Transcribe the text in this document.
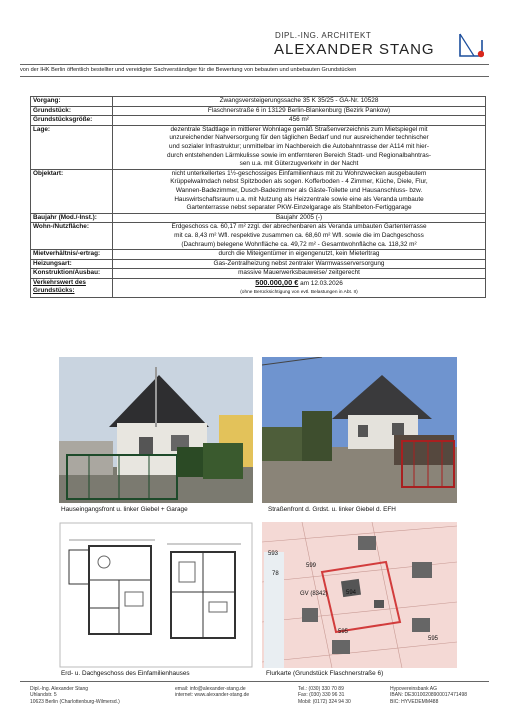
DIPL.-ING. ARCHITEKT
ALEXANDER STANG
von der IHK Berlin öffentlich bestellter und vereidigter Sachverständiger für die Bewertung von bebauten und unbebauten Grundstücken
Vorgang:	Zwangsversteigerungssache 35 K 35/25 - GA-Nr. 10528

Grundstück:	Flaschnerstraße 6 in 13129 Berlin-Blankenburg (Bezirk Pankow)

Grundstücksgröße:	456 m²

Lage:	dezentrale Stadtlage in mittlerer Wohnlage gemäß Straßenverzeichnis zum Mietspiegel mit
unzureichender Nahversorgung für den täglichen Bedarf und nur ausreichender technischer
und sozialer Infrastruktur; unmittelbar im Nachbereich die Autobahntrasse der A114 mit hier-
durch entstehenden Lärmkulisse sowie im entfernteren Bereich Stadt- und Regionalbahntras-
sen u.a. mit Güterzugverkehr in der Nacht

Objektart:	nicht unterkellertes 1½-geschossiges Einfamilienhaus mit zu Wohnzwecken ausgebautem
Krüppelwalmdach nebst Spitzboden als sogen. Kofferboden - 4 Zimmer, Küche, Diele, Flur,
Wannen-Badezimmer, Dusch-Badezimmer als Gäste-Toilette und Hausanschluss- bzw.
Hauswirtschaftsraum u.a. mit Nutzung als Heizzentrale sowie eine als Veranda umbaute
Gartenterrasse nebst separater PKW-Einzelgarage als Stahlbeton-Fertiggarage

Baujahr (Mod./-Inst.):	Baujahr 2005 (-)

Wohn-/Nutzfläche:	Erdgeschoss ca. 60,17 m² zzgl. der abrechenbaren als Veranda umbauten Gartenterrasse
mit ca. 8,43 m² Wfl. respektive zusammen ca. 68,60 m² Wfl. sowie die im Dachgeschoss
(Dachraum) belegene Wohnfläche ca. 49,72 m² - Gesamtwohnfläche ca. 118,32 m²

Mietverhältnis/-ertrag:	durch die Miteigentümer in eigengenutzt, kein Mieterltrag

Heizungsart:	Gas-Zentralheizung nebst zentraler Warmwasserversorgung

Konstruktion/Ausbau:	massive Mauerwerksbauweise/ zeitgerecht

Verkehrswert des Grundstücks:	500.000,00 € am 12.03.2026
(ohne Berücksichtigung von evtl. Belastungen in Abt. II)
Hauseingangsfront u. linker Giebel + Garage	Straßenfront d. Grdst. u. linker Giebel d. EFH
Erd- u. Dachgeschoss des Einfamilienhauses
593
599
78
594
595
595
GV (8342)
Flurkarte (Grundstück Flaschnerstraße 6)
Dipl.-Ing. Alexander Stang
Uhlandstr. 5
10623 Berlin (Charlottenburg-Wilmersd.)
email: info@alexander-stang.de
internet: www.alexander-stang.de
Tel.: (030) 330 70 89
Fax: (030) 330 96 31
Mobil: (0172) 324 94 30
Hypovereinsbank AG
IBAN: DE30100208900017471498
BIC: HYVEDEMM488
